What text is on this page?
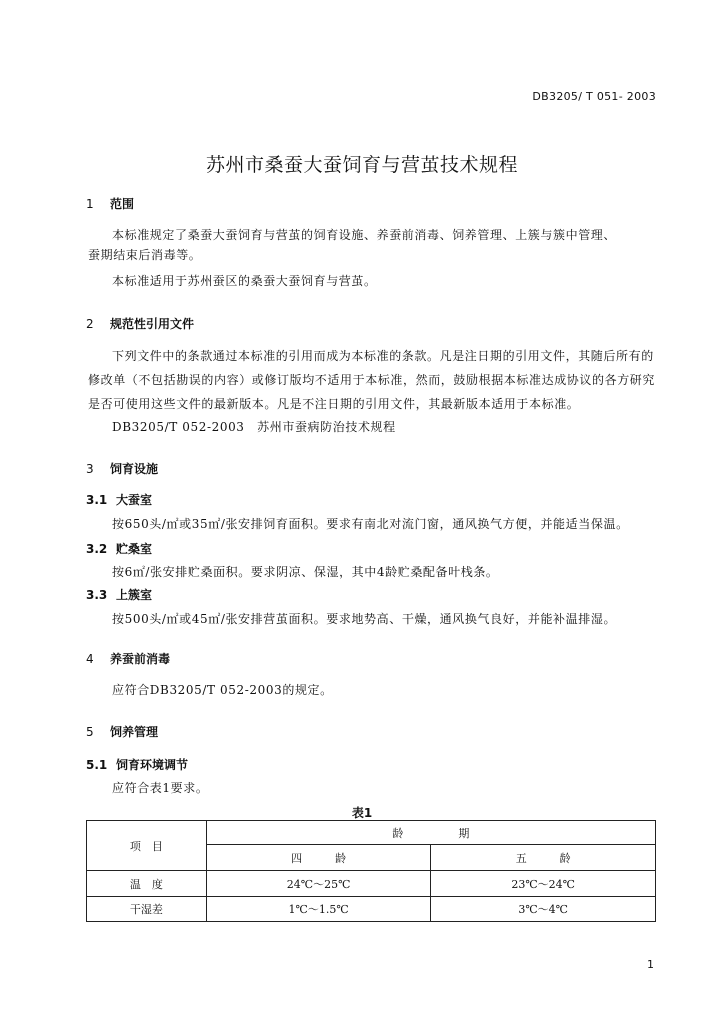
DB3205/ T 051- 2003
苏州市桑蚕大蚕饲育与营茧技术规程
1 范围
本标准规定了桑蚕大蚕饲育与营茧的饲育设施、养蚕前消毒、饲养管理、上簇与簇中管理、
蚕期结束后消毒等。
本标准适用于苏州蚕区的桑蚕大蚕饲育与营茧。
2 规范性引用文件
下列文件中的条款通过本标准的引用而成为本标准的条款。凡是注日期的引用文件，其随后所有的
修改单（不包括勘误的内容）或修订版均不适用于本标准，然而，鼓励根据本标准达成协议的各方研究
是否可使用这些文件的最新版本。凡是不注日期的引用文件，其最新版本适用于本标准。
DB3205/T 052-2003　苏州市蚕病防治技术规程
3 饲育设施
3.1 大蚕室
按650头/㎡或35㎡/张安排饲育面积。要求有南北对流门窗，通风换气方便，并能适当保温。
3.2 贮桑室
按6㎡/张安排贮桑面积。要求阴凉、保湿，其中4龄贮桑配备叶栈条。
3.3 上簇室
按500头/㎡或45㎡/张安排营茧面积。要求地势高、干燥，通风换气良好，并能补温排湿。
4 养蚕前消毒
应符合DB3205/T 052-2003的规定。
5 饲养管理
5.1 饲育环境调节
应符合表1要求。
表1
项　目	龄　　　　　期	
	四　　　龄	五　　　龄
温　度	24℃～25℃	23℃～24℃
干湿差	1℃～1.5℃	3℃～4℃
1
